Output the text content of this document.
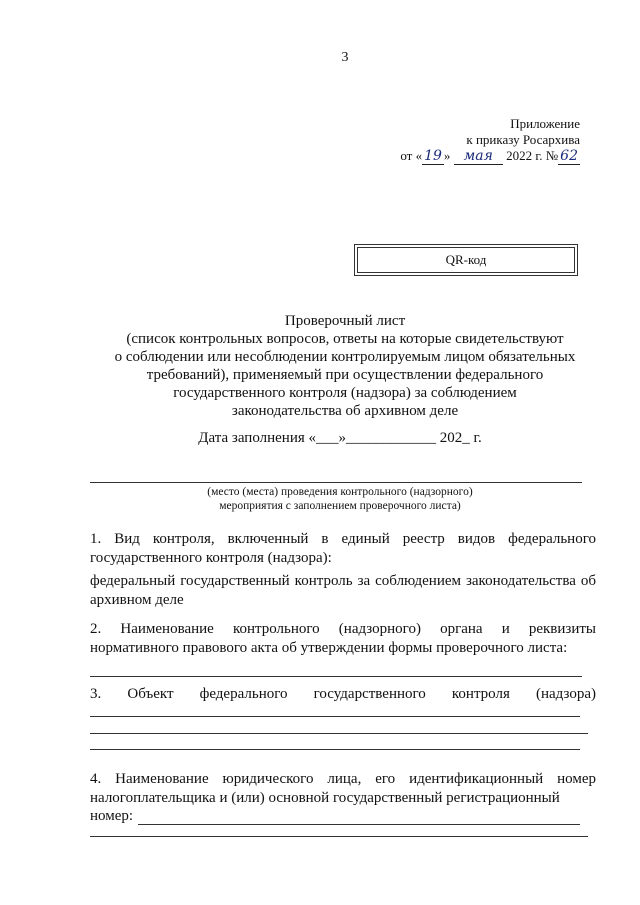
3
Приложение
к приказу Росархива
от « 19 » мая 2022 г. № 62
QR-код
Проверочный лист
(список контрольных вопросов, ответы на которые свидетельствуют
о соблюдении или несоблюдении контролируемым лицом обязательных
требований), применяемый при осуществлении федерального
государственного контроля (надзора) за соблюдением
законодательства об архивном деле
Дата заполнения «___»____________ 202_ г.
(место (места) проведения контрольного (надзорного)
мероприятия с заполнением проверочного листа)
1. Вид контроля, включенный в единый реестр видов федерального государственного контроля (надзора):
федеральный государственный контроль за соблюдением законодательства об архивном деле
2. Наименование контрольного (надзорного) органа и реквизиты нормативного правового акта об утверждении формы проверочного листа:
3. Объект федерального государственного контроля (надзора)
4. Наименование юридического лица, его идентификационный номер налогоплательщика и (или) основной государственный регистрационный
номер:
